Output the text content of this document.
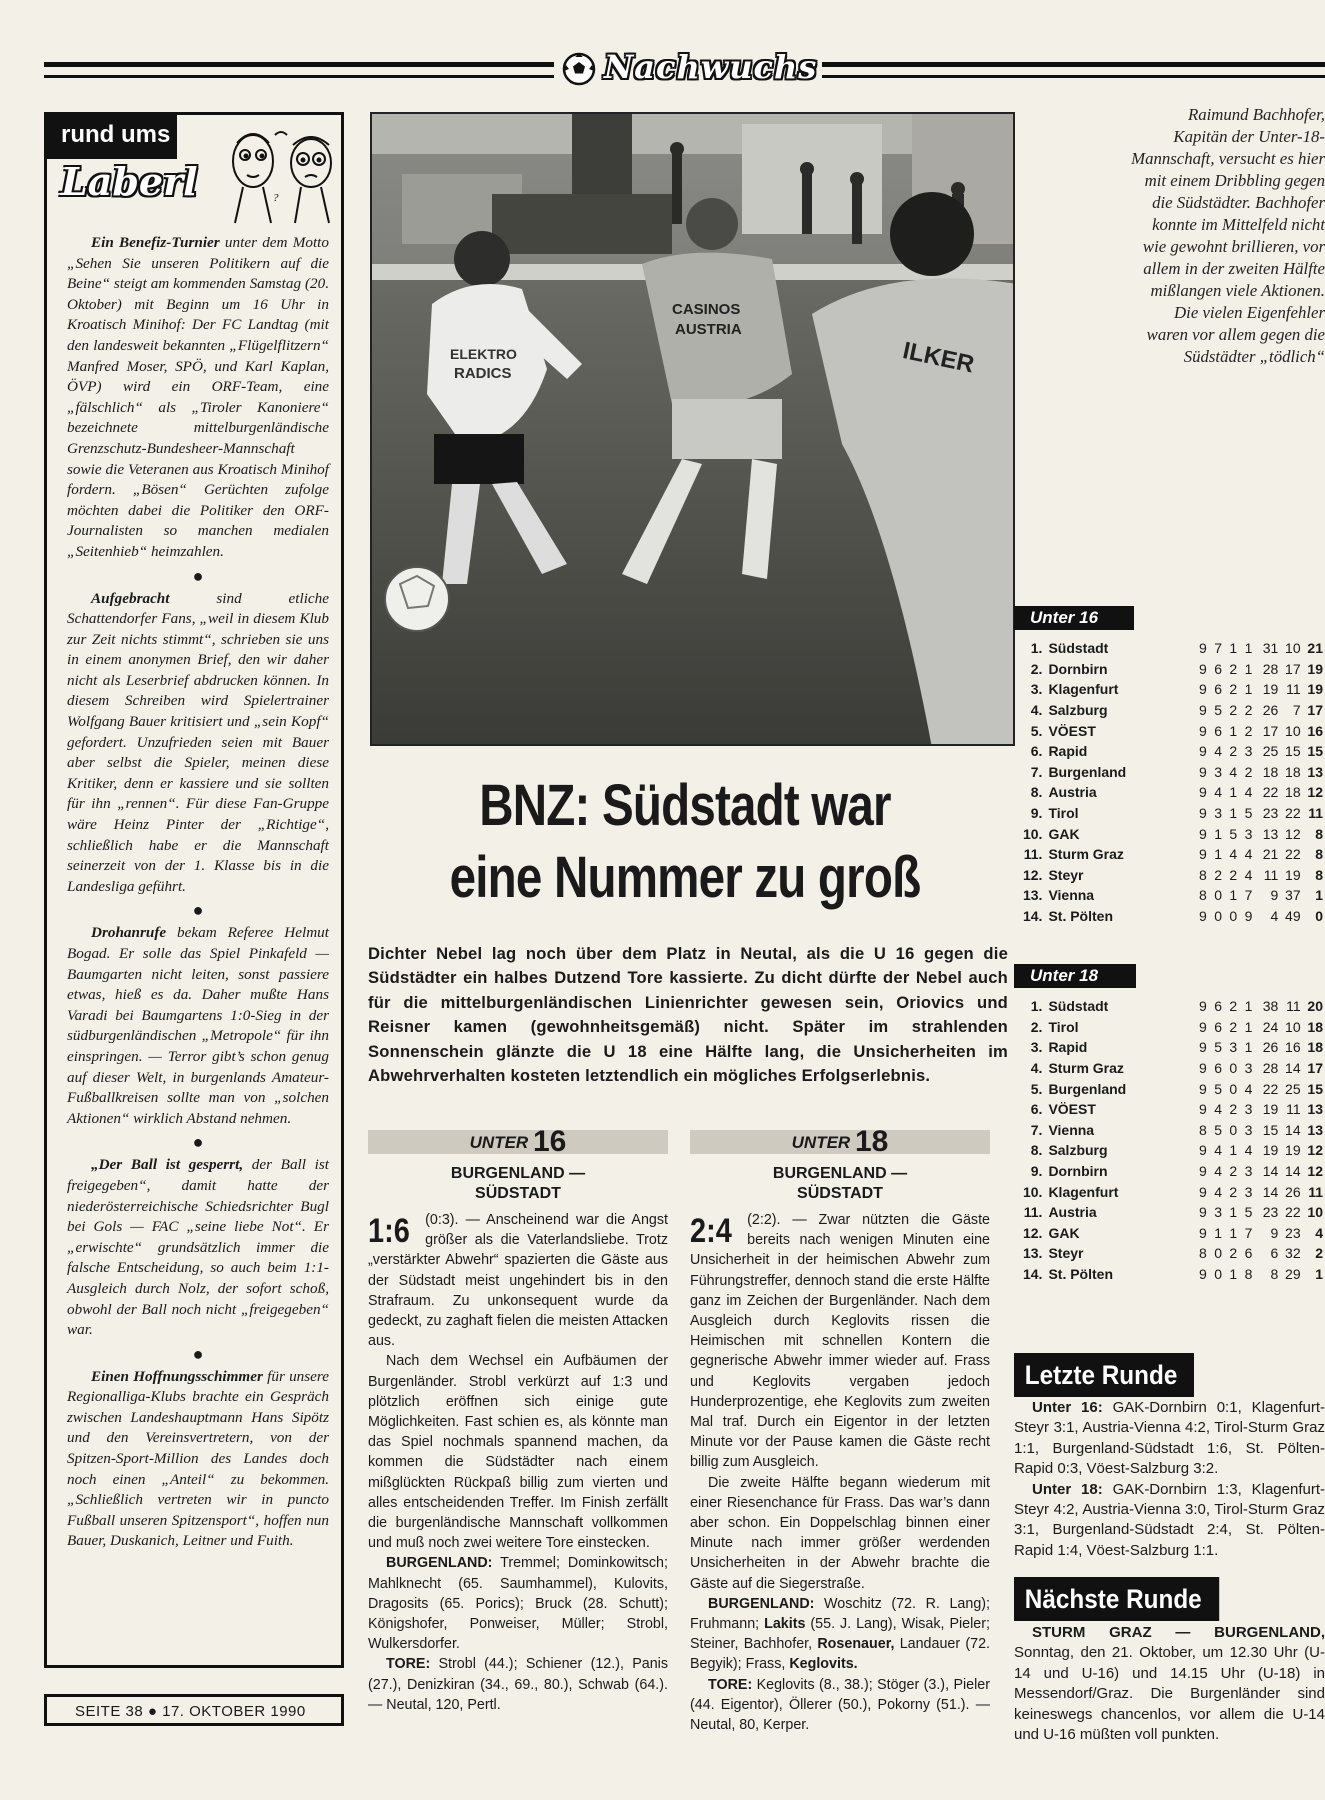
Nachwuchs
rund ums
Laberl	?

Ein Benefiz-Turnier unter dem Motto „Sehen Sie unseren Politikern auf die Beine“ steigt am kommenden Samstag (20. Oktober) mit Beginn um 16 Uhr in Kroatisch Minihof: Der FC Landtag (mit den landesweit bekannten „Flügelflitzern“ Manfred Moser, SPÖ, und Karl Kaplan, ÖVP) wird ein ORF-Team, eine „fälschlich“ als „Tiroler Kanoniere“ bezeichnete mittelburgenländische Grenzschutz-Bundesheer-Mannschaft sowie die Veteranen aus Kroatisch Minihof fordern. „Bösen“ Gerüchten zufolge möchten dabei die Politiker den ORF-Journalisten so manchen medialen „Seitenhieb“ heimzahlen.

●

Aufgebracht sind etliche Schattendorfer Fans, „weil in diesem Klub zur Zeit nichts stimmt“, schrieben sie uns in einem anonymen Brief, den wir daher nicht als Leserbrief abdrucken können. In diesem Schreiben wird Spielertrainer Wolfgang Bauer kritisiert und „sein Kopf“ gefordert. Unzufrieden seien mit Bauer aber selbst die Spieler, meinen diese Kritiker, denn er kassiere und sie sollten für ihn „rennen“. Für diese Fan-Gruppe wäre Heinz Pinter der „Richtige“, schließlich habe er die Mannschaft seinerzeit von der 1. Klasse bis in die Landesliga geführt.

●

Drohanrufe bekam Referee Helmut Bogad. Er solle das Spiel Pinkafeld — Baumgarten nicht leiten, sonst passiere etwas, hieß es da. Daher mußte Hans Varadi bei Baumgartens 1:0-Sieg in der südburgenländischen „Metropole“ für ihn einspringen. — Terror gibt’s schon genug auf dieser Welt, in burgenlands Amateur-Fußballkreisen sollte man von „solchen Aktionen“ wirklich Abstand nehmen.

●

„Der Ball ist gesperrt, der Ball ist freigegeben“, damit hatte der niederösterreichische Schiedsrichter Bugl bei Gols — FAC „seine liebe Not“. Er „erwischte“ grundsätzlich immer die falsche Entscheidung, so auch beim 1:1-Ausgleich durch Nolz, der sofort schoß, obwohl der Ball noch nicht „freigegeben“ war.

●

Einen Hoffnungsschimmer für unsere Regionalliga-Klubs brachte ein Gespräch zwischen Landeshauptmann Hans Sipötz und den Vereinsvertretern, von der Spitzen-Sport-Million des Landes doch noch einen „Anteil“ zu bekommen. „Schließlich vertreten wir in puncto Fußball unseren Spitzensport“, hoffen nun Bauer, Duskanich, Leitner und Fuith.

SEITE 38 ● 17. OKTOBER 1990
ELEKTRO
RADICS
CASINOS
AUSTRIA
ILKER
Raimund Bachhofer, Kapitän der Unter-18-Mannschaft, versucht es hier mit einem Dribbling gegen die Südstädter. Bachhofer konnte im Mittelfeld nicht wie gewohnt brillieren, vor allem in der zweiten Hälfte mißlangen viele Aktionen. Die vielen Eigenfehler waren vor allem gegen die Südstädter „tödlich“
BNZ: Südstadt war
eine Nummer zu groß
Dichter Nebel lag noch über dem Platz in Neutal, als die U 16 gegen die Südstädter ein halbes Dutzend Tore kassierte. Zu dicht dürfte der Nebel auch für die mittelburgenländischen Linienrichter gewesen sein, Oriovics und Reisner kamen (gewohnheitsgemäß) nicht. Später im strahlenden Sonnenschein glänzte die U 18 eine Hälfte lang, die Unsicherheiten im Abwehrverhalten kosteten letztendlich ein mögliches Erfolgserlebnis.
UNTER 16
BURGENLAND —
SÜDSTADT
1:6	(0:3). — Anscheinend war die Angst größer als die Vaterlandsliebe. Trotz „verstärkter Abwehr“ spazierten die Gäste aus der Südstadt meist ungehindert bis in den Strafraum. Zu unkonsequent wurde da gedeckt, zu zaghaft fielen die meisten Attacken aus.

Nach dem Wechsel ein Aufbäumen der Burgenländer. Strobl verkürzt auf 1:3 und plötzlich eröffnen sich einige gute Möglichkeiten. Fast schien es, als könnte man das Spiel nochmals spannend machen, da kommen die Südstädter nach einem mißglückten Rückpaß billig zum vierten und alles entscheidenden Treffer. Im Finish zerfällt die burgenländische Mannschaft vollkommen und muß noch zwei weitere Tore einstecken.

BURGENLAND: Tremmel; Dominkowitsch; Mahlknecht (65. Saumhammel), Kulovits, Dragosits (65. Porics); Bruck (28. Schutt); Königshofer, Ponweiser, Müller; Strobl, Wulkersdorfer.

TORE: Strobl (44.); Schiener (12.), Panis (27.), Denizkiran (34., 69., 80.), Schwab (64.). — Neutal, 120, Pertl.

UNTER 18
BURGENLAND —
SÜDSTADT
2:4	(2:2). — Zwar nützten die Gäste bereits nach wenigen Minuten eine Unsicherheit in der heimischen Abwehr zum Führungstreffer, dennoch stand die erste Hälfte ganz im Zeichen der Burgenländer. Nach dem Ausgleich durch Keglovits rissen die Heimischen mit schnellen Kontern die gegnerische Abwehr immer wieder auf. Frass und Keglovits vergaben jedoch Hunderprozentige, ehe Keglovits zum zweiten Mal traf. Durch ein Eigentor in der letzten Minute vor der Pause kamen die Gäste recht billig zum Ausgleich.

Die zweite Hälfte begann wiederum mit einer Riesenchance für Frass. Das war’s dann aber schon. Ein Doppelschlag binnen einer Minute nach immer größer werdenden Unsicherheiten in der Abwehr brachte die Gäste auf die Siegerstraße.

BURGENLAND: Woschitz (72. R. Lang); Fruhmann; Lakits (55. J. Lang), Wisak, Pieler; Steiner, Bachhofer, Rosenauer, Landauer (72. Begyik); Frass, Keglovits.

TORE: Keglovits (8., 38.); Stöger (3.), Pieler (44. Eigentor), Öllerer (50.), Pokorny (51.). — Neutal, 80, Kerper.

Unter 16
1.	Südstadt	9	7	1	1	31	10	21
2.	Dornbirn	9	6	2	1	28	17	19
3.	Klagenfurt	9	6	2	1	19	11	19
4.	Salzburg	9	5	2	2	26	7	17
5.	VÖEST	9	6	1	2	17	10	16
6.	Rapid	9	4	2	3	25	15	15
7.	Burgenland	9	3	4	2	18	18	13
8.	Austria	9	4	1	4	22	18	12
9.	Tirol	9	3	1	5	23	22	11
10.	GAK	9	1	5	3	13	12	8
11.	Sturm Graz	9	1	4	4	21	22	8
12.	Steyr	8	2	2	4	11	19	8
13.	Vienna	8	0	1	7	9	37	1
14.	St. Pölten	9	0	0	9	4	49	0
Unter 18
1.	Südstadt	9	6	2	1	38	11	20
2.	Tirol	9	6	2	1	24	10	18
3.	Rapid	9	5	3	1	26	16	18
4.	Sturm Graz	9	6	0	3	28	14	17
5.	Burgenland	9	5	0	4	22	25	15
6.	VÖEST	9	4	2	3	19	11	13
7.	Vienna	8	5	0	3	15	14	13
8.	Salzburg	9	4	1	4	19	19	12
9.	Dornbirn	9	4	2	3	14	14	12
10.	Klagenfurt	9	4	2	3	14	26	11
11.	Austria	9	3	1	5	23	22	10
12.	GAK	9	1	1	7	9	23	4
13.	Steyr	8	0	2	6	6	32	2
14.	St. Pölten	9	0	1	8	8	29	1
Letzte Runde

Unter 16: GAK-Dornbirn 0:1, Klagenfurt-Steyr 3:1, Austria-Vienna 4:2, Tirol-Sturm Graz 1:1, Burgenland-Südstadt 1:6, St. Pölten-Rapid 0:3, Vöest-Salzburg 3:2.

Unter 18: GAK-Dornbirn 1:3, Klagenfurt-Steyr 4:2, Austria-Vienna 3:0, Tirol-Sturm Graz 3:1, Burgenland-Südstadt 2:4, St. Pölten-Rapid 1:4, Vöest-Salzburg 1:1.

Nächste Runde

STURM GRAZ — BURGENLAND, Sonntag, den 21. Oktober, um 12.30 Uhr (U-14 und U-16) und 14.15 Uhr (U-18) in Messendorf/Graz. Die Burgenländer sind keineswegs chancenlos, vor allem die U-14 und U-16 müßten voll punkten.
